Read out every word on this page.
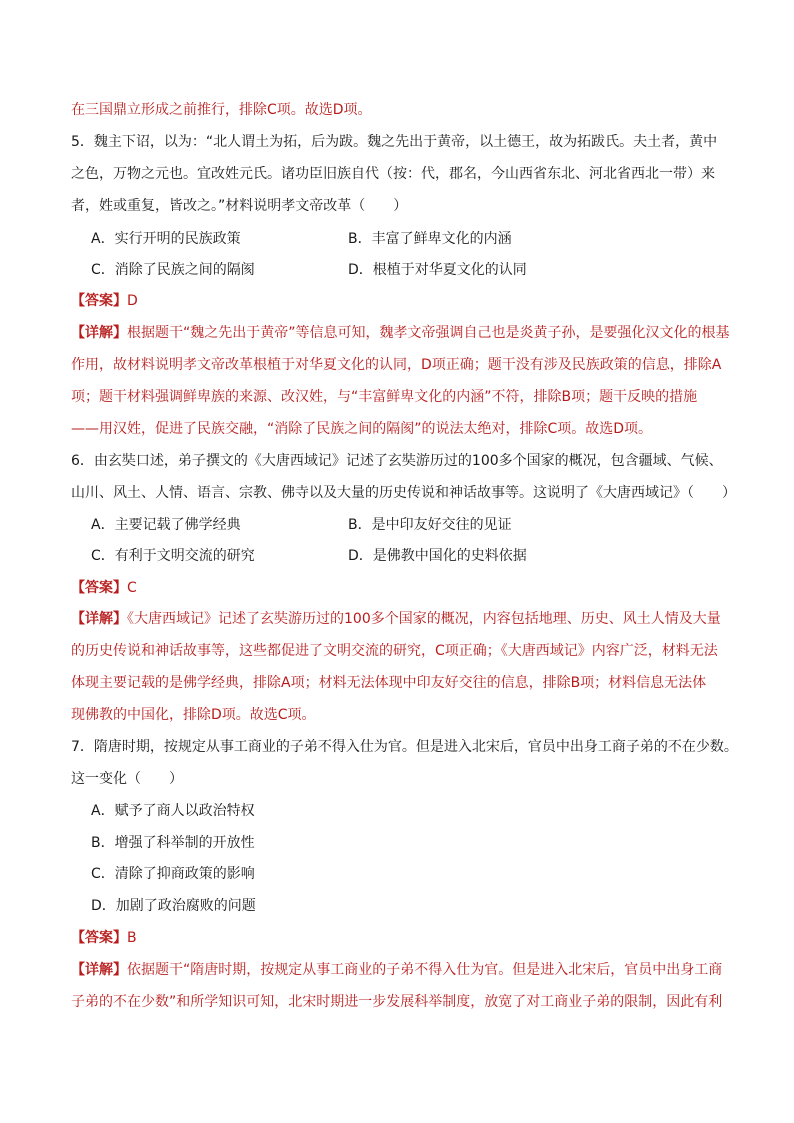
在三国鼎立形成之前推行，排除C项。故选D项。
5．魏主下诏，以为：“北人谓土为拓，后为跋。魏之先出于黄帝，以土德王，故为拓跋氏。夫土者，黄中
之色，万物之元也。宜改姓元氏。诸功臣旧族自代（按：代，郡名，今山西省东北、河北省西北一带）来
者，姓或重复，皆改之。”材料说明孝文帝改革（　　）
A．实行开明的民族政策	B．丰富了鲜卑文化的内涵
C．消除了民族之间的隔阂	D．根植于对华夏文化的认同
【答案】D
【详解】根据题干“魏之先出于黄帝”等信息可知，魏孝文帝强调自己也是炎黄子孙，是要强化汉文化的根基
作用，故材料说明孝文帝改革根植于对华夏文化的认同，D项正确；题干没有涉及民族政策的信息，排除A
项；题干材料强调鲜卑族的来源、改汉姓，与“丰富鲜卑文化的内涵”不符，排除B项；题干反映的措施
——用汉姓，促进了民族交融，“消除了民族之间的隔阂”的说法太绝对，排除C项。故选D项。
6．由玄奘口述，弟子撰文的《大唐西域记》记述了玄奘游历过的100多个国家的概况，包含疆域、气候、
山川、风土、人情、语言、宗教、佛寺以及大量的历史传说和神话故事等。这说明了《大唐西域记》（　　）
A．主要记载了佛学经典	B．是中印友好交往的见证
C．有利于文明交流的研究	D．是佛教中国化的史料依据
【答案】C
【详解】《大唐西域记》记述了玄奘游历过的100多个国家的概况，内容包括地理、历史、风土人情及大量
的历史传说和神话故事等，这些都促进了文明交流的研究，C项正确；《大唐西域记》内容广泛，材料无法
体现主要记载的是佛学经典，排除A项；材料无法体现中印友好交往的信息，排除B项；材料信息无法体
现佛教的中国化，排除D项。故选C项。
7．隋唐时期，按规定从事工商业的子弟不得入仕为官。但是进入北宋后，官员中出身工商子弟的不在少数。
这一变化（　　）
A．赋予了商人以政治特权
B．增强了科举制的开放性
C．清除了抑商政策的影响
D．加剧了政治腐败的问题
【答案】B
【详解】依据题干“隋唐时期，按规定从事工商业的子弟不得入仕为官。但是进入北宋后，官员中出身工商
子弟的不在少数”和所学知识可知，北宋时期进一步发展科举制度，放宽了对工商业子弟的限制，因此有利
